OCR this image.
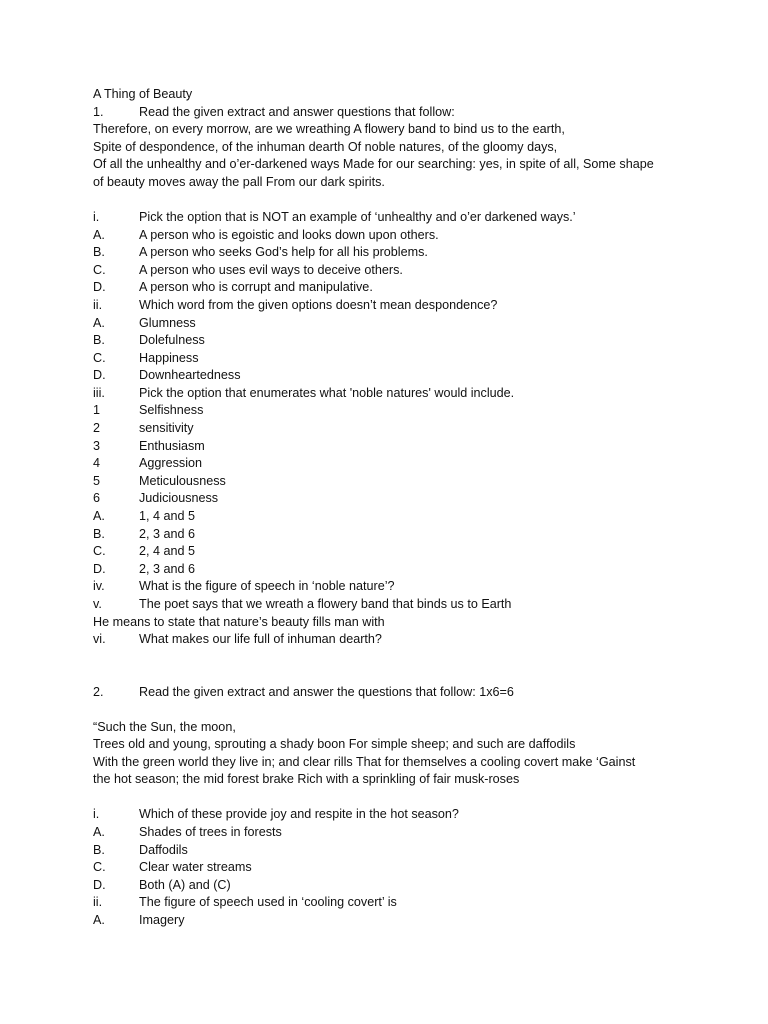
A Thing of Beauty
1.	Read the given extract and answer questions that follow:
Therefore, on every morrow, are we wreathing A flowery band to bind us to the earth,
Spite of despondence, of the inhuman dearth Of noble natures, of the gloomy days,
Of all the unhealthy and o’er-darkened ways Made for our searching: yes, in spite of all, Some shape
of beauty moves away the pall From our dark spirits.
i.	Pick the option that is NOT an example of ‘unhealthy and o’er darkened ways.’
A.	A person who is egoistic and looks down upon others.
B.	A person who seeks God’s help for all his problems.
C.	A person who uses evil ways to deceive others.
D.	A person who is corrupt and manipulative.
ii.	Which word from the given options doesn’t mean despondence?
A.	Glumness
B.	Dolefulness
C.	Happiness
D.	Downheartedness
iii.	Pick the option that enumerates what 'noble natures' would include.
1	Selfishness
2	sensitivity
3	Enthusiasm
4	Aggression
5	Meticulousness
6	Judiciousness
A.	1, 4 and 5
B.	2, 3 and 6
C.	2, 4 and 5
D.	2, 3 and 6
iv.	What is the figure of speech in ‘noble nature’?
v.	The poet says that we wreath a flowery band that binds us to Earth
He means to state that nature’s beauty fills man with
vi.	What makes our life full of inhuman dearth?
2.	Read the given extract and answer the questions that follow: 1x6=6
“Such the Sun, the moon,
Trees old and young, sprouting a shady boon For simple sheep; and such are daffodils
With the green world they live in; and clear rills That for themselves a cooling covert make ‘Gainst
the hot season; the mid forest brake Rich with a sprinkling of fair musk-roses
i.	Which of these provide joy and respite in the hot season?
A.	Shades of trees in forests
B.	Daffodils
C.	Clear water streams
D.	Both (A) and (C)
ii.	The figure of speech used in ‘cooling covert’ is
A.	Imagery
